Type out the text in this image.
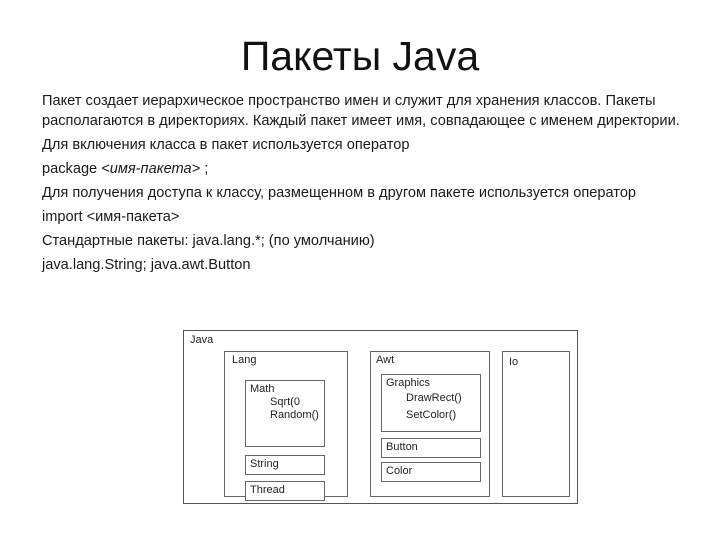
Пакеты Java

Пакет создает иерархическое пространство имен и служит для хранения классов. Пакеты располагаются в директориях. Каждый пакет имеет имя, совпадающее с именем директории.

Для включения класса в пакет используется оператор

package <имя-пакета> ;

Для получения доступа к классу, размещенном в другом пакете используется оператор

import <имя-пакета>

Стандартные пакеты: java.lang.*; (по умолчанию)

java.lang.String; java.awt.Button

Java
Lang
Math
Sqrt(0
Random()
String
Thread
Awt
Graphics
DrawRect()
SetColor()
Button
Color
Io
